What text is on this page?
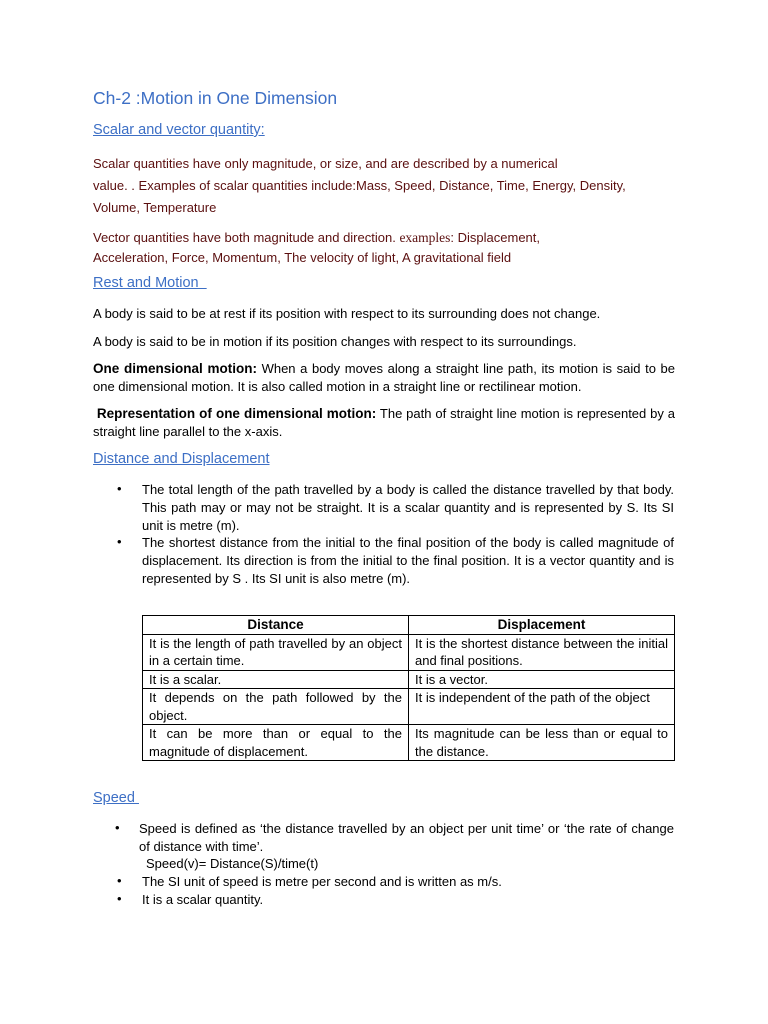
Ch-2 :Motion in One Dimension
Scalar and vector quantity:
Scalar quantities have only magnitude, or size, and are described by a numerical
value. . Examples of scalar quantities include:Mass, Speed, Distance, Time, Energy, Density,
Volume, Temperature
Vector quantities have both magnitude and direction. examples: Displacement,
Acceleration, Force, Momentum, The velocity of light, A gravitational field
Rest and Motion
A body is said to be at rest if its position with respect to its surrounding does not change.
A body is said to be in motion if its position changes with respect to its surroundings.
One dimensional motion: When a body moves along a straight line path, its motion is said to be one dimensional motion. It is also called motion in a straight line or rectilinear motion.
Representation of one dimensional motion: The path of straight line motion is represented by a straight line parallel to the x-axis.
Distance and Displacement
• The total length of the path travelled by a body is called the distance travelled by that body. This path may or may not be straight. It is a scalar quantity and is represented by S. Its SI unit is metre (m).
• The shortest distance from the initial to the final position of the body is called magnitude of displacement. Its direction is from the initial to the final position. It is a vector quantity and is represented by S . Its SI unit is also metre (m).
Distance	Displacement
It is the length of path travelled by an object in a certain time.	It is the shortest distance between the initial and final positions.
It is a scalar.	It is a vector.
It depends on the path followed by the object.	It is independent of the path of the object
It can be more than or equal to the magnitude of displacement.	Its magnitude can be less than or equal to the distance.
Speed
• Speed is defined as ‘the distance travelled by an object per unit time’ or ‘the rate of change of distance with time’.
Speed(v)= Distance(S)/time(t)
• The SI unit of speed is metre per second and is written as m/s.
• It is a scalar quantity.
